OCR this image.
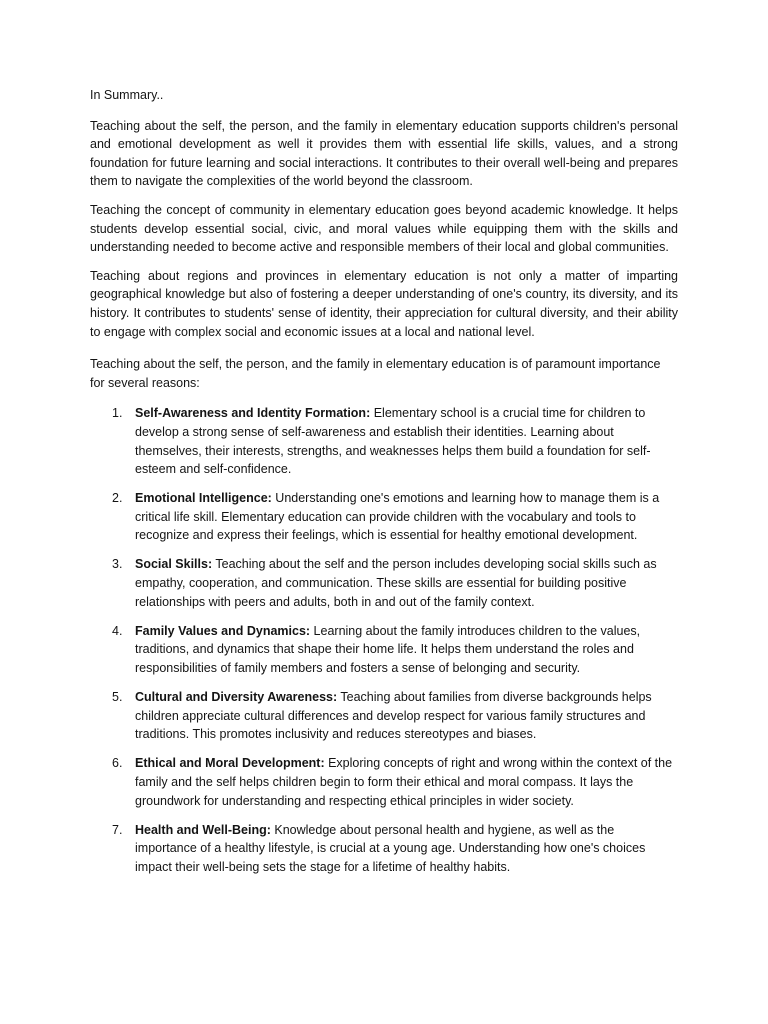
In Summary..

Teaching about the self, the person, and the family in elementary education supports children's personal and emotional development as well it provides them with essential life skills, values, and a strong foundation for future learning and social interactions. It contributes to their overall well-being and prepares them to navigate the complexities of the world beyond the classroom.

Teaching the concept of community in elementary education goes beyond academic knowledge. It helps students develop essential social, civic, and moral values while equipping them with the skills and understanding needed to become active and responsible members of their local and global communities.

Teaching about regions and provinces in elementary education is not only a matter of imparting geographical knowledge but also of fostering a deeper understanding of one's country, its diversity, and its history. It contributes to students' sense of identity, their appreciation for cultural diversity, and their ability to engage with complex social and economic issues at a local and national level.

Teaching about the self, the person, and the family in elementary education is of paramount importance for several reasons:

1. Self-Awareness and Identity Formation: Elementary school is a crucial time for children to develop a strong sense of self-awareness and establish their identities. Learning about themselves, their interests, strengths, and weaknesses helps them build a foundation for self-esteem and self-confidence.
2. Emotional Intelligence: Understanding one's emotions and learning how to manage them is a critical life skill. Elementary education can provide children with the vocabulary and tools to recognize and express their feelings, which is essential for healthy emotional development.
3. Social Skills: Teaching about the self and the person includes developing social skills such as empathy, cooperation, and communication. These skills are essential for building positive relationships with peers and adults, both in and out of the family context.
4. Family Values and Dynamics: Learning about the family introduces children to the values, traditions, and dynamics that shape their home life. It helps them understand the roles and responsibilities of family members and fosters a sense of belonging and security.
5. Cultural and Diversity Awareness: Teaching about families from diverse backgrounds helps children appreciate cultural differences and develop respect for various family structures and traditions. This promotes inclusivity and reduces stereotypes and biases.
6. Ethical and Moral Development: Exploring concepts of right and wrong within the context of the family and the self helps children begin to form their ethical and moral compass. It lays the groundwork for understanding and respecting ethical principles in wider society.
7. Health and Well-Being: Knowledge about personal health and hygiene, as well as the importance of a healthy lifestyle, is crucial at a young age. Understanding how one's choices impact their well-being sets the stage for a lifetime of healthy habits.
